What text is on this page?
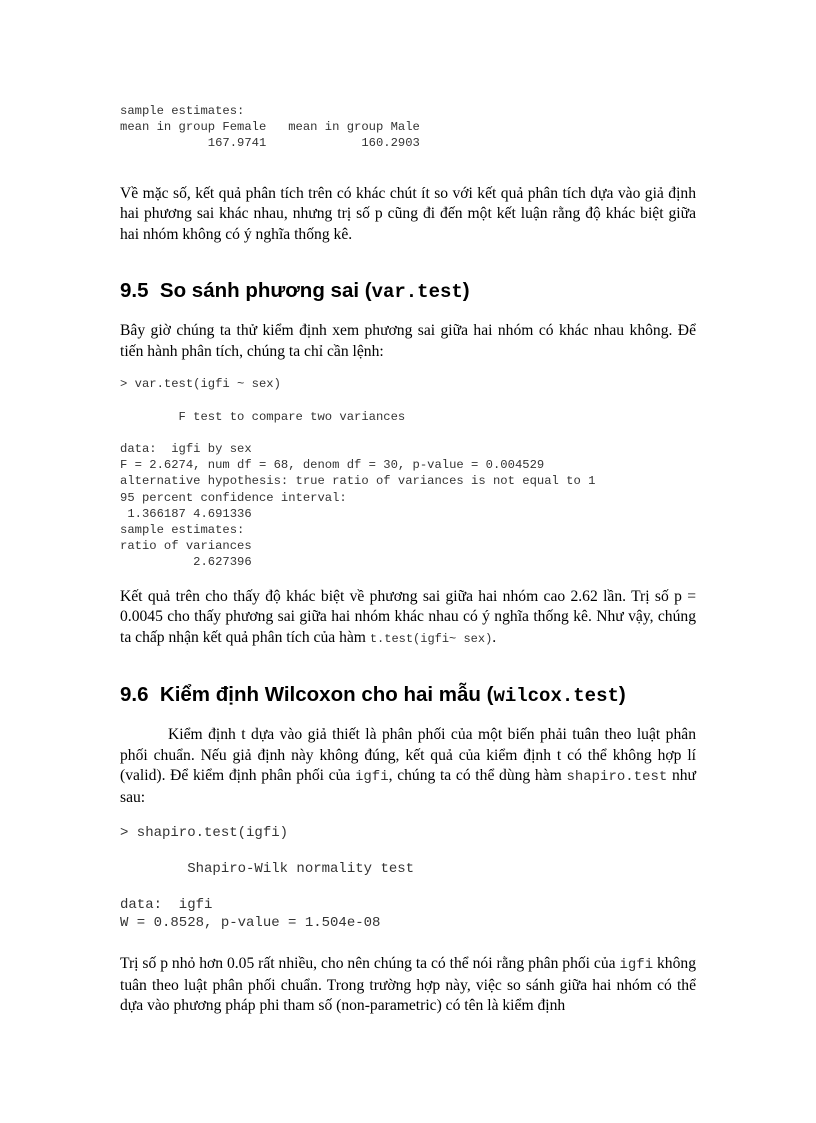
sample estimates:
mean in group Female   mean in group Male
167.9741             160.2903

Về mặc số, kết quả phân tích trên có khác chút ít so với kết quả phân tích dựa vào giả định hai phương sai khác nhau, nhưng trị số p cũng đi đến một kết luận rằng độ khác biệt giữa hai nhóm không có ý nghĩa thống kê.

9.5 So sánh phương sai (var.test)

Bây giờ chúng ta thử kiểm định xem phương sai giữa hai nhóm có khác nhau không. Để tiến hành phân tích, chúng ta chỉ cần lệnh:

> var.test(igfi ~ sex)

F test to compare two variances

data:  igfi by sex
F = 2.6274, num df = 68, denom df = 30, p-value = 0.004529
alternative hypothesis: true ratio of variances is not equal to 1
95 percent confidence interval:
1.366187 4.691336
sample estimates:
ratio of variances
2.627396

Kết quả trên cho thấy độ khác biệt về phương sai giữa hai nhóm cao 2.62 lần. Trị số p = 0.0045 cho thấy phương sai giữa hai nhóm khác nhau có ý nghĩa thống kê. Như vậy, chúng ta chấp nhận kết quả phân tích của hàm t.test(igfi~ sex).

9.6 Kiểm định Wilcoxon cho hai mẫu (wilcox.test)

Kiểm định t dựa vào giả thiết là phân phối của một biến phải tuân theo luật phân phối chuẩn. Nếu giả định này không đúng, kết quả của kiểm định t có thể không hợp lí (valid). Để kiểm định phân phối của igfi, chúng ta có thể dùng hàm shapiro.test như sau:

> shapiro.test(igfi)

Shapiro-Wilk normality test

data:  igfi
W = 0.8528, p-value = 1.504e-08

Trị số p nhỏ hơn 0.05 rất nhiều, cho nên chúng ta có thể nói rằng phân phối của igfi không tuân theo luật phân phối chuẩn. Trong trường hợp này, việc so sánh giữa hai nhóm có thể dựa vào phương pháp phi tham số (non-parametric) có tên là kiểm định
